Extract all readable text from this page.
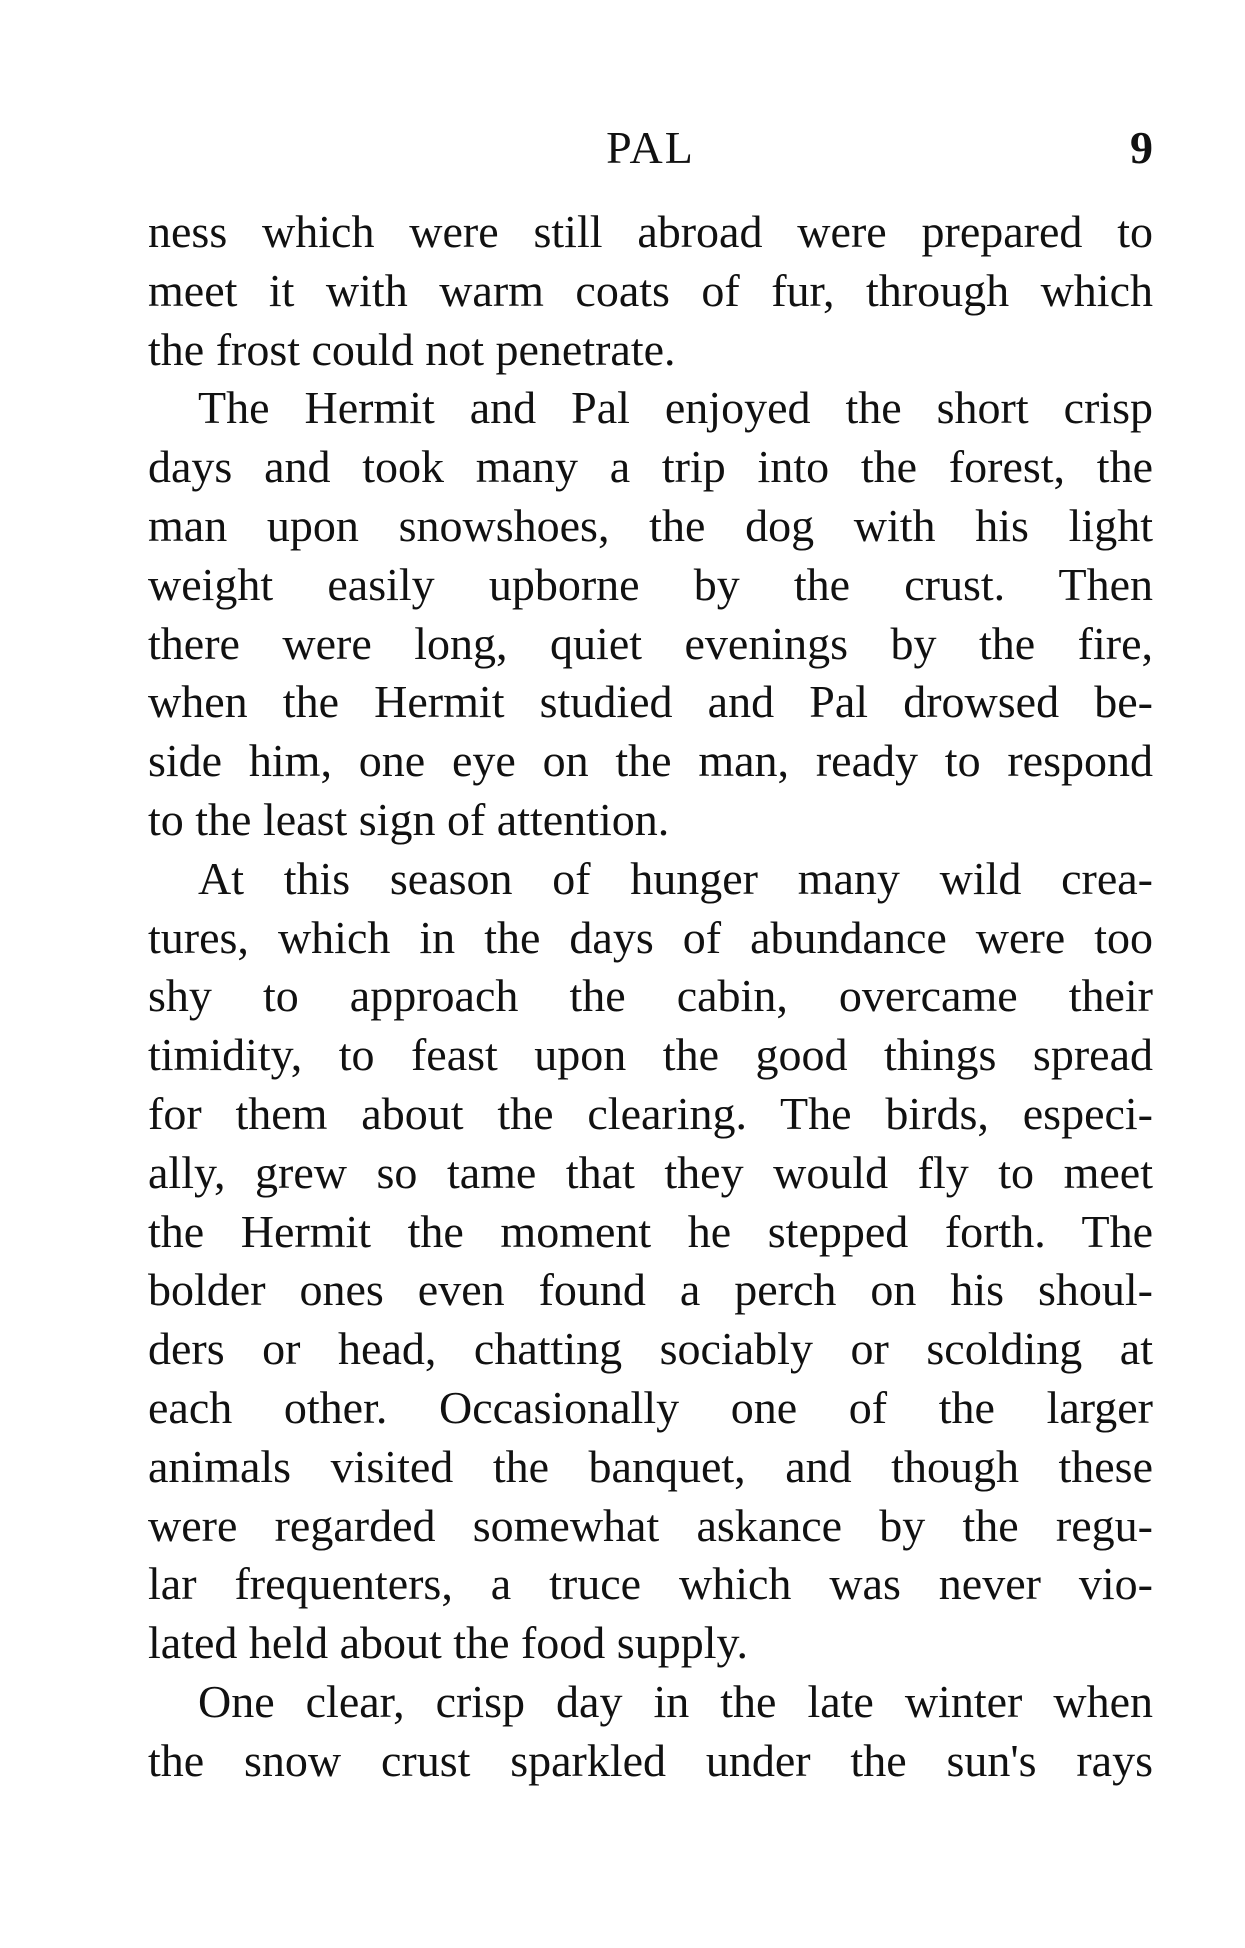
PAL	9
ness which were still abroad were prepared to
meet it with warm coats of fur, through which
the frost could not penetrate.
The Hermit and Pal enjoyed the short crisp
days and took many a trip into the forest, the
man upon snowshoes, the dog with his light
weight easily upborne by the crust. Then
there were long, quiet evenings by the fire,
when the Hermit studied and Pal drowsed be-
side him, one eye on the man, ready to respond
to the least sign of attention.
At this season of hunger many wild crea-
tures, which in the days of abundance were too
shy to approach the cabin, overcame their
timidity, to feast upon the good things spread
for them about the clearing. The birds, especi-
ally, grew so tame that they would fly to meet
the Hermit the moment he stepped forth. The
bolder ones even found a perch on his shoul-
ders or head, chatting sociably or scolding at
each other. Occasionally one of the larger
animals visited the banquet, and though these
were regarded somewhat askance by the regu-
lar frequenters, a truce which was never vio-
lated held about the food supply.
One clear, crisp day in the late winter when
the snow crust sparkled under the sun's rays
